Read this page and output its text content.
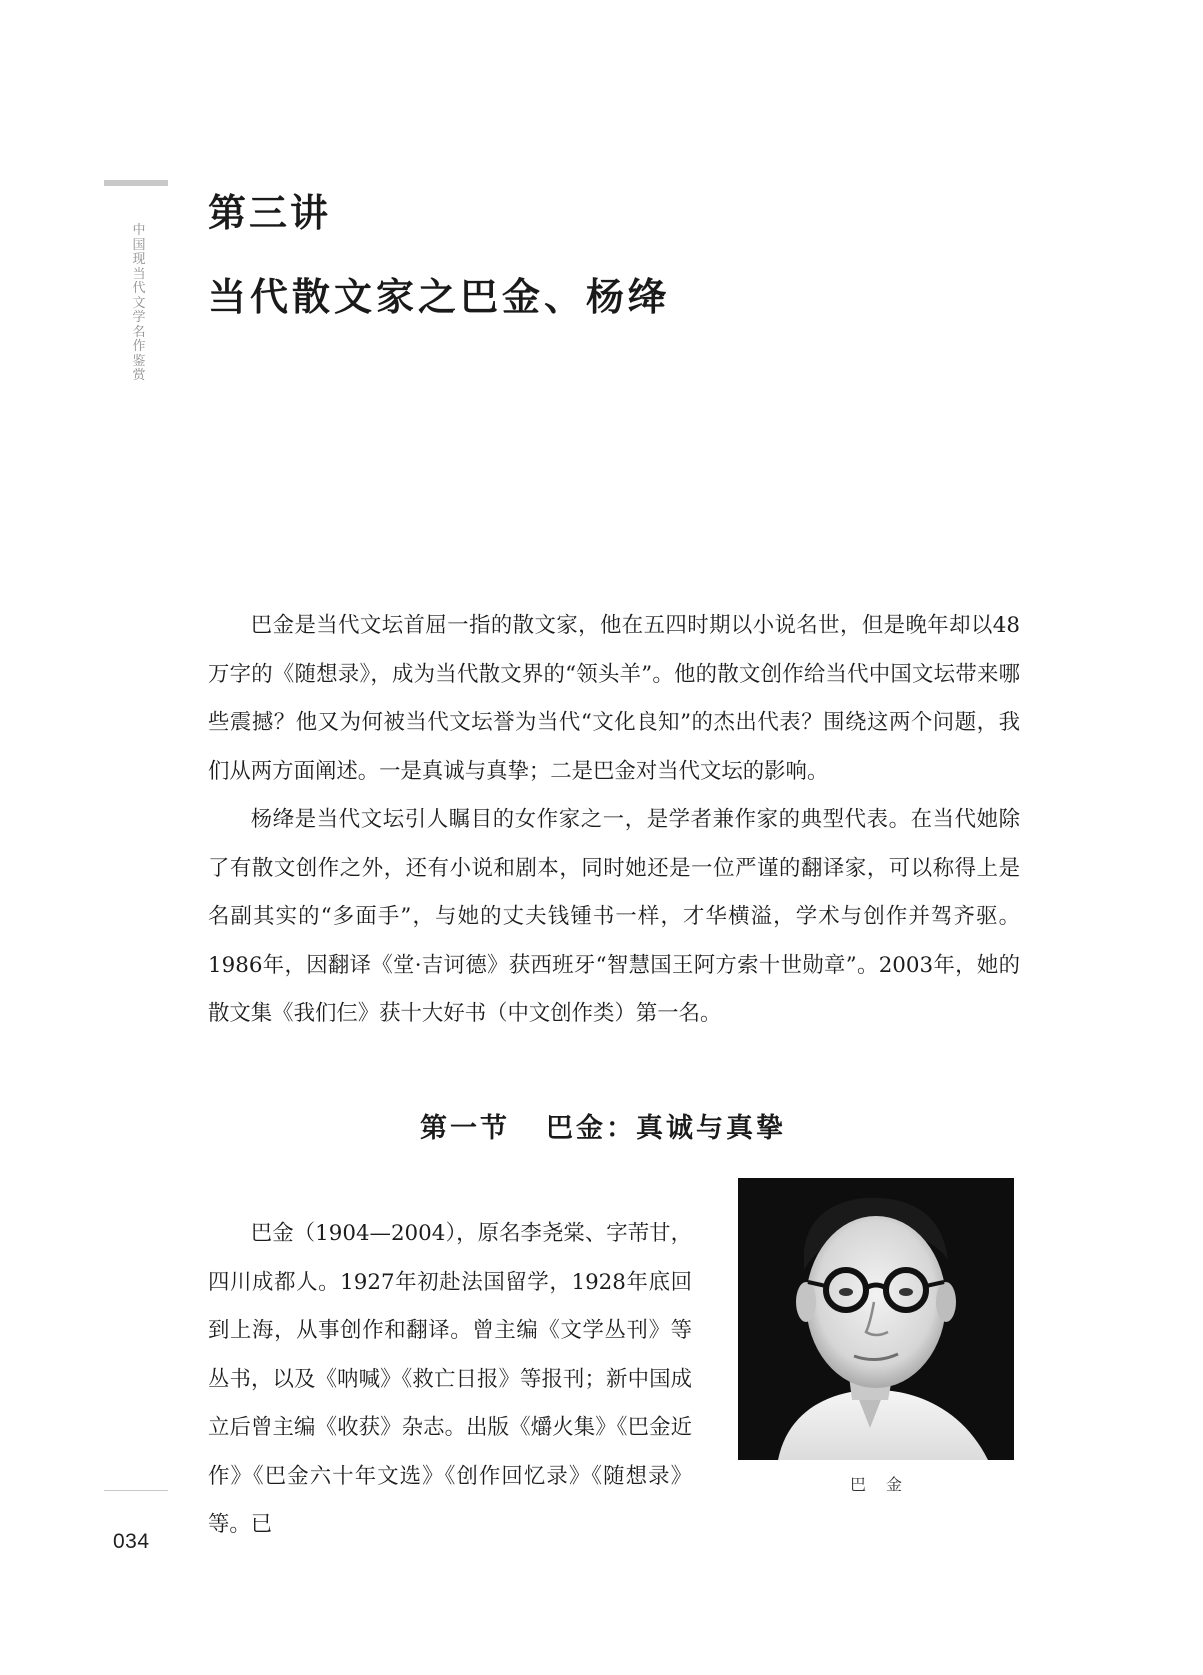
中国现当代文学名作鉴赏
第三讲
当代散文家之巴金、杨绛

巴金是当代文坛首屈一指的散文家，他在五四时期以小说名世，但是晚年却以48万字的《随想录》，成为当代散文界的“领头羊”。他的散文创作给当代中国文坛带来哪些震撼？他又为何被当代文坛誉为当代“文化良知”的杰出代表？围绕这两个问题，我们从两方面阐述。一是真诚与真挚；二是巴金对当代文坛的影响。

杨绛是当代文坛引人瞩目的女作家之一，是学者兼作家的典型代表。在当代她除了有散文创作之外，还有小说和剧本，同时她还是一位严谨的翻译家，可以称得上是名副其实的“多面手”，与她的丈夫钱锺书一样，才华横溢，学术与创作并驾齐驱。1986年，因翻译《堂·吉诃德》获西班牙“智慧国王阿方索十世勋章”。2003年，她的散文集《我们仨》获十大好书（中文创作类）第一名。

第一节 巴金：真诚与真挚

巴金（1904—2004），原名李尧棠、字芾甘，四川成都人。1927年初赴法国留学，1928年底回到上海，从事创作和翻译。曾主编《文学丛刊》等丛书，以及《呐喊》《救亡日报》等报刊；新中国成立后曾主编《收获》杂志。出版《爝火集》《巴金近作》《巴金六十年文选》《创作回忆录》《随想录》等。已

巴金
034
